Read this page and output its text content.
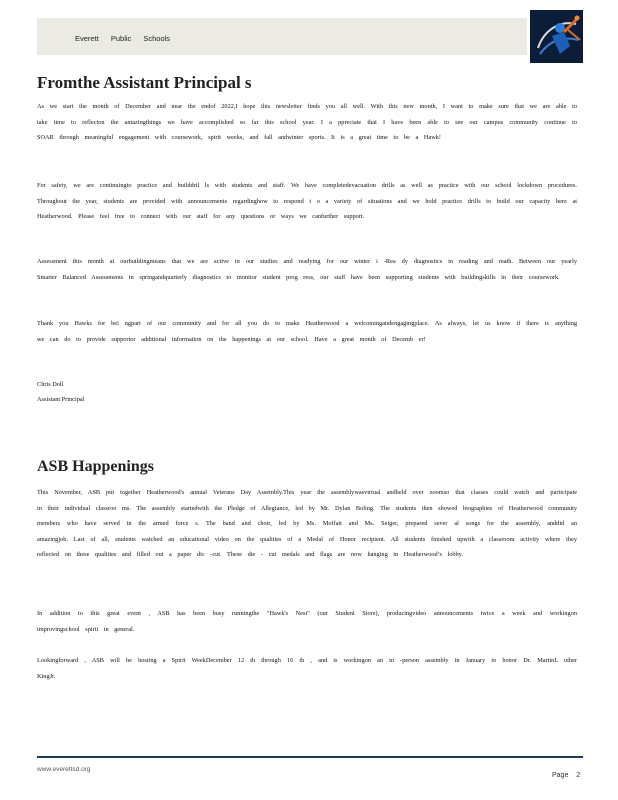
Everett Public Schools
Fromthe Assistant Principal s

As we start the month of December and near the endof 2022,I hope this newsletter finds you all well. With this new month, I want to make sure that we are able to take time to reflecton the amazingthings we have accomplished so far this school year. I a ppreciate that I have been able to see our campus community continue to SOAR through meaningful engagement with coursework, spirit weeks, and fall andwinter sports. It is a great time to be a Hawk!

For safety, we are continuingto practice and builddril ls with students and staff. We have completedevacuation drills as well as practice with our school lockdown procedures. Throughout the year, students are provided with announcements regardinghow to respond t o a variety of situations and we hold practice drills to build our capacity here at Heatherwood. Please feel free to connect with our staff for any questions or ways we canfurther support.

Assessment this month at ourbuildingmeans that we are active in our studies and readying for our winter i -Rea dy diagnostics in reading and math. Between our yearly Smarter Balanced Assessments in springandquarterly diagnostics to monitor student prog ress, our staff have been supporting students with buildingskills in their coursework.

Thank you Hawks for bei ngpart of our community and for all you do to make Heatherwood a welcomingandengagingplace. As always, let us know if there is anything we can do to provide supportor additional information on the happenings at our school. Have a great month of Decemb er!

Chris Doll
Assistant Principal
ASB Happenings

This November, ASB put together Heatherwood's annual Veterans Day Assembly.This year the assemblywasvirtual andheld over zoomso that classes could watch and participate in their individual classroo ms. The assembly startedwith the Pledge of Allegiance, led by Mr. Dylan Boling. The students then showed biographies of Heatherwood community members who have served in the armed force s. The band and choir, led by Ms. Moffatt and Ms. Seiger, prepared sever al songs for the assembly, anddid an amazingjob. Last of all, students watched an educational video on the qualities of a Medal of Honor recipient. All students finished upwith a classroom activity where they reflected on these qualities and filled out a paper dic -cut. These die - cut medals and flags are now hanging in Heatherwood’s lobby.

In addition to this great event , ASB has been busy runningthe "Hawk's Nest" (our Student Store), producingvideo announcements twice a week and workingon improvingschool spirit in general.

Lookingforward , ASB will be hosting a Spirit WeekDecember 12 th through 16 th , and is workingon an in -person assembly in January to honor Dr. MartinL uther KingJr.

www.everettsd.org
Page 2
